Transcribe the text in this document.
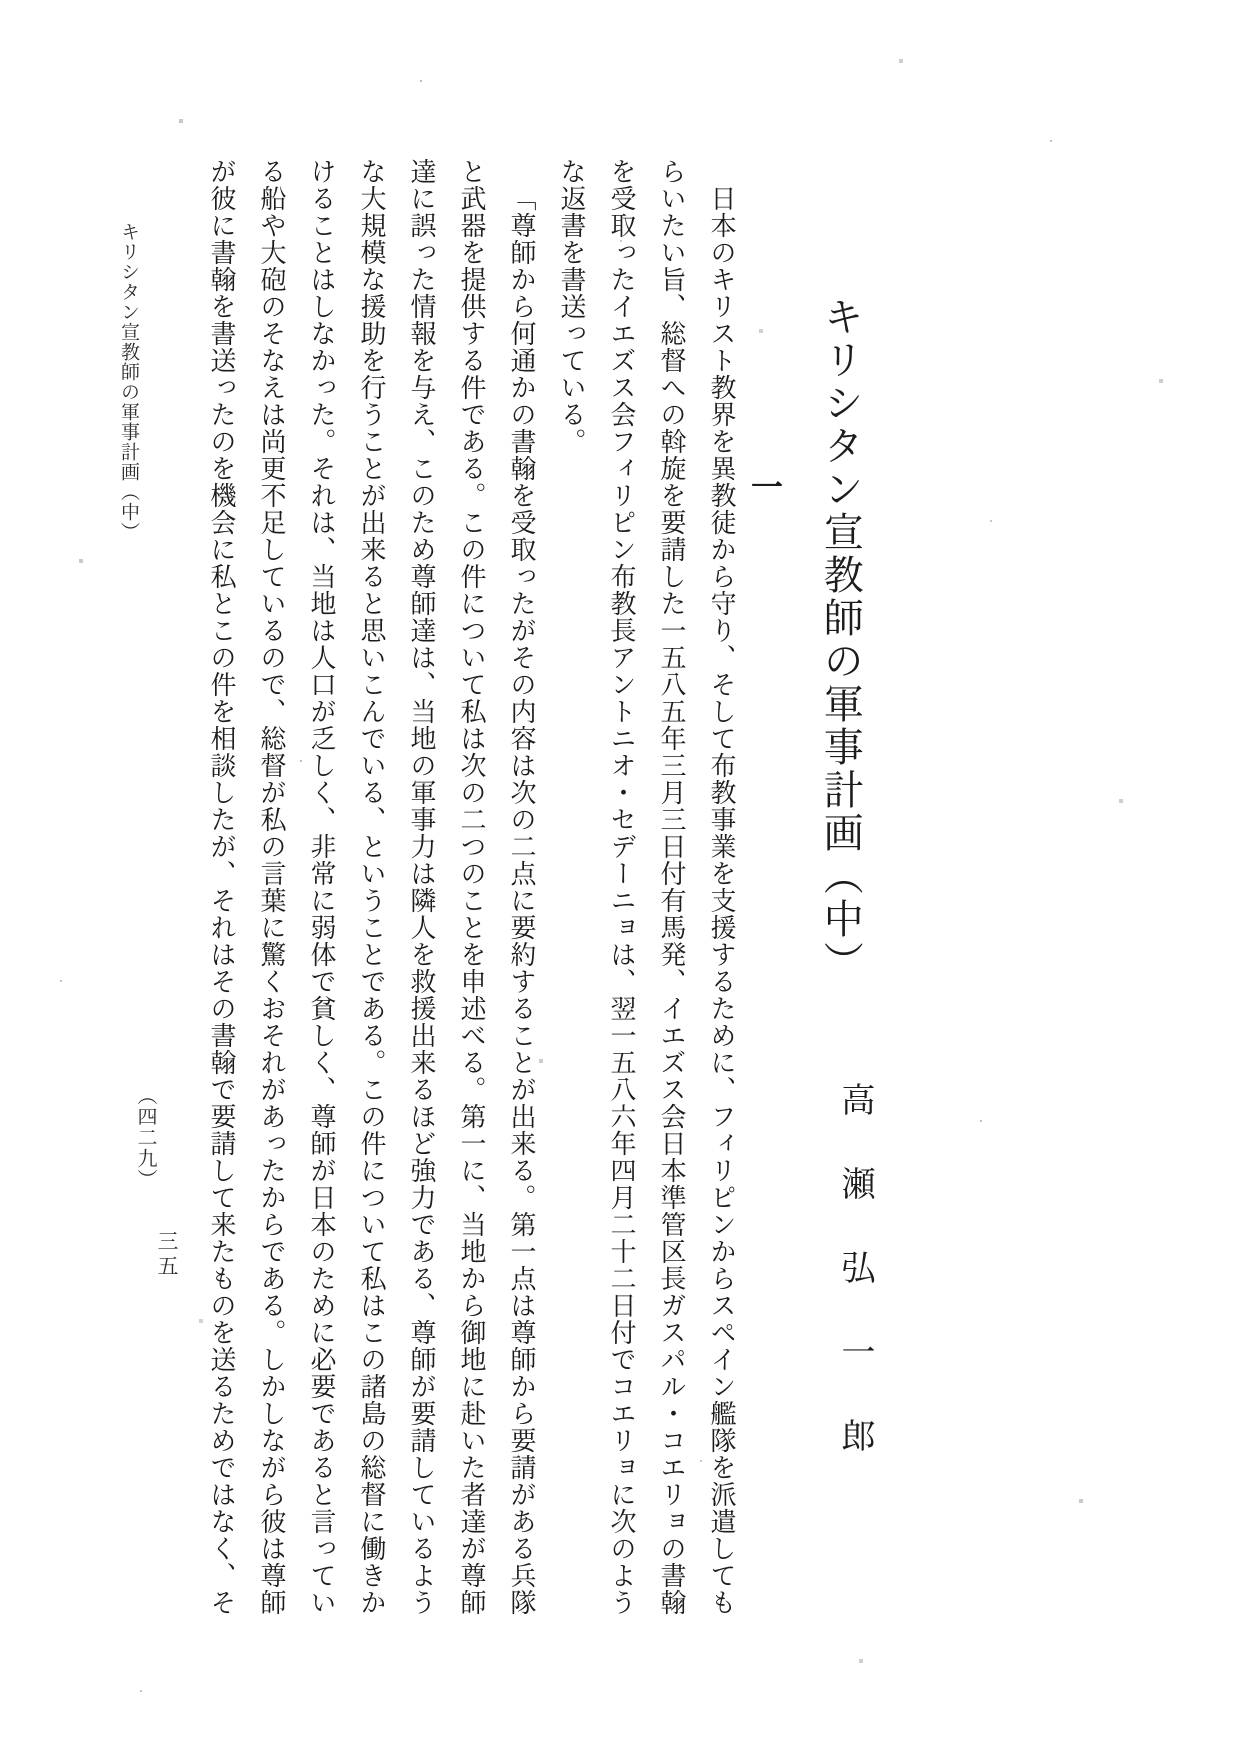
キリシタン宣教師の軍事計画（中）
高瀬弘一郎
一

日本のキリスト教界を異教徒から守り、そして布教事業を支援するために、フィリピンからスペイン艦隊を派遣してもらいたい旨、総督への斡旋を要請した一五八五年三月三日付有馬発、イエズス会日本準管区長ガスパル・コエリョの書翰を受取ったイエズス会フィリピン布教長アントニオ・セデーニョは、翌一五八六年四月二十二日付でコエリョに次のような返書を書送っている。

「尊師から何通かの書翰を受取ったがその内容は次の二点に要約することが出来る。第一点は尊師から要請がある兵隊と武器を提供する件である。この件について私は次の二つのことを申述べる。第一に、当地から御地に赴いた者達が尊師達に誤った情報を与え、このため尊師達は、当地の軍事力は隣人を救援出来るほど強力である、尊師が要請しているような大規模な援助を行うことが出来ると思いこんでいる、ということである。この件について私はこの諸島の総督に働きかけることはしなかった。それは、当地は人口が乏しく、非常に弱体で貧しく、尊師が日本のために必要であると言っている船や大砲のそなえは尚更不足しているので、総督が私の言葉に驚くおそれがあったからである。しかしながら彼は尊師が彼に書翰を書送ったのを機会に私とこの件を相談したが、それはその書翰で要請して来たものを送るためではなく、そ

キリシタン宣教師の軍事計画（中）
（四二九）
三五
